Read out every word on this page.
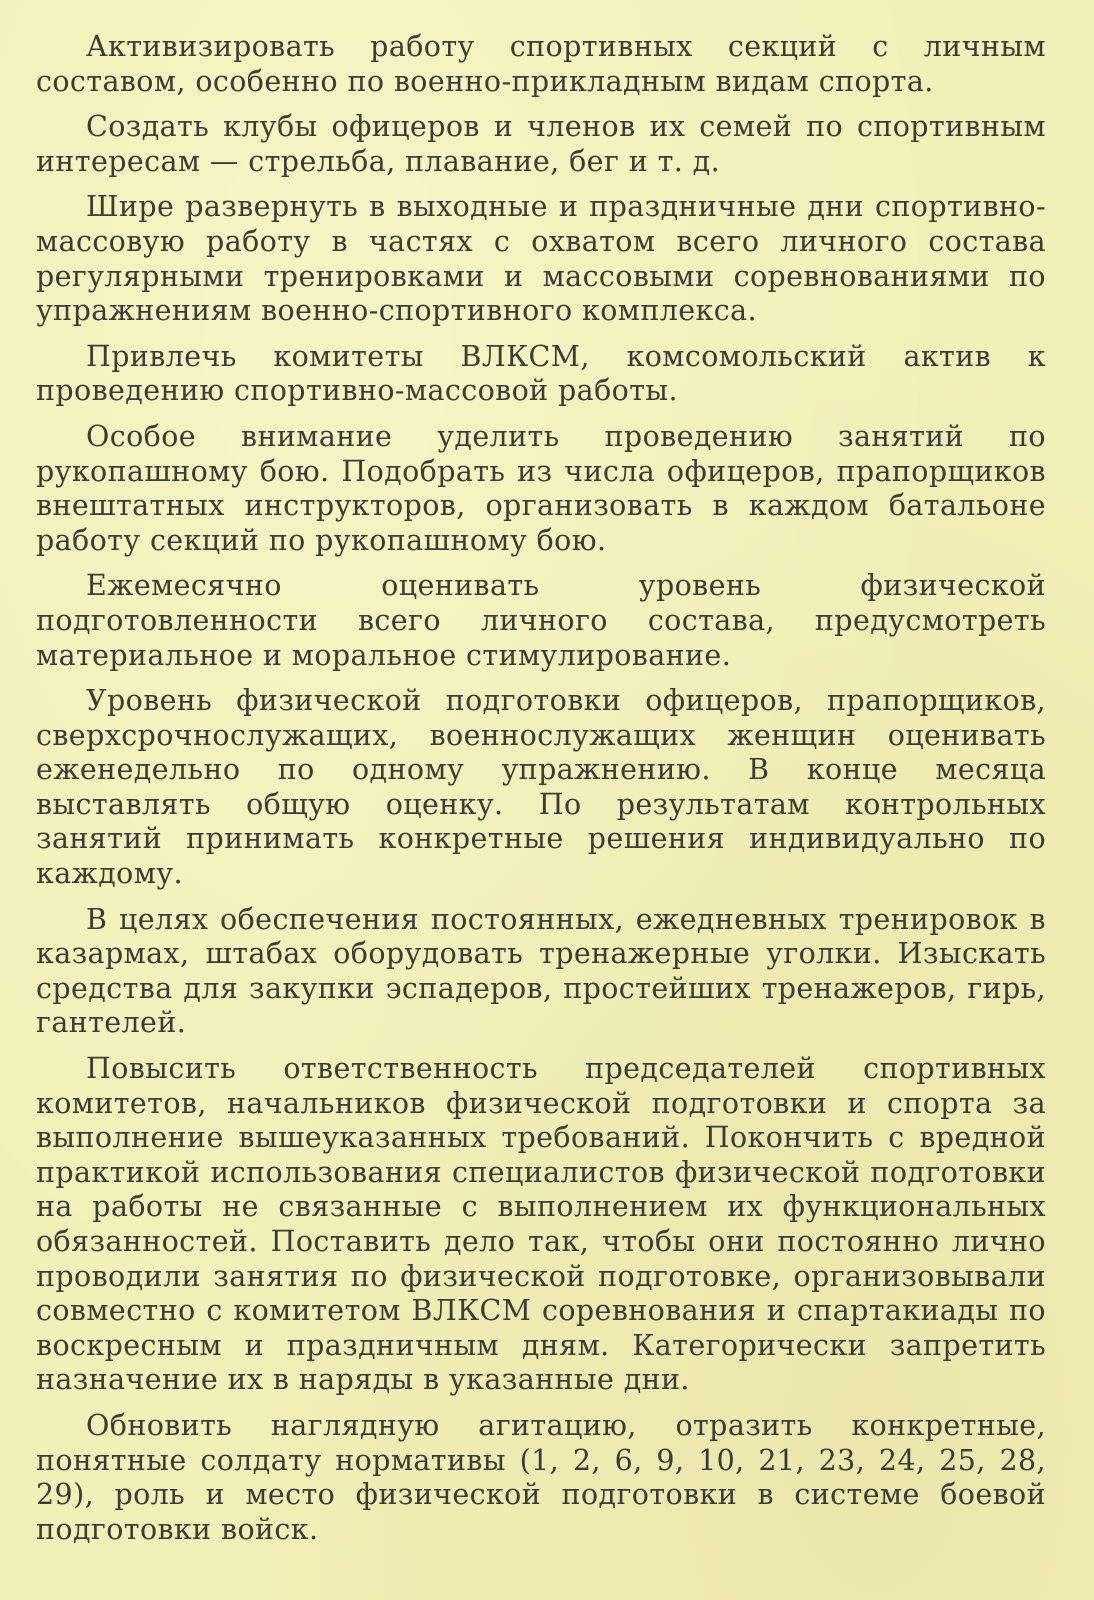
Активизировать работу спортивных секций с личным составом, особенно по военно-прикладным видам спорта.

Создать клубы офицеров и членов их семей по спортивным интересам — стрельба, плавание, бег и т. д.

Шире развернуть в выходные и праздничные дни спортивно-массовую работу в частях с охватом всего личного состава регулярными тренировками и массовыми соревнованиями по упражнениям военно-спортивного комплекса.

Привлечь комитеты ВЛКСМ, комсомольский актив к проведению спортивно-массовой работы.

Особое внимание уделить проведению занятий по рукопашному бою. Подобрать из числа офицеров, прапорщиков внештатных инструкторов, организовать в каждом батальоне работу секций по рукопашному бою.

Ежемесячно оценивать уровень физической подготовленности всего личного состава, предусмотреть материальное и моральное стимулирование.

Уровень физической подготовки офицеров, прапорщиков, сверхсрочнослужащих, военнослужащих женщин оценивать еженедельно по одному упражнению. В конце месяца выставлять общую оценку. По результатам контрольных занятий принимать конкретные решения индивидуально по каждому.

В целях обеспечения постоянных, ежедневных тренировок в казармах, штабах оборудовать тренажерные уголки. Изыскать средства для закупки эспадеров, простейших тренажеров, гирь, гантелей.

Повысить ответственность председателей спортивных комитетов, начальников физической подготовки и спорта за выполнение вышеуказанных требований. Покончить с вредной практикой использования специалистов физической подготовки на работы не связанные с выполнением их функциональных обязанностей. Поставить дело так, чтобы они постоянно лично проводили занятия по физической подготовке, организовывали совместно с комитетом ВЛКСМ соревнования и спартакиады по воскресным и праздничным дням. Категорически запретить назначение их в наряды в указанные дни.

Обновить наглядную агитацию, отразить конкретные, понятные солдату нормативы (1, 2, 6, 9, 10, 21, 23, 24, 25, 28, 29), роль и место физической подготовки в системе боевой подготовки войск.
